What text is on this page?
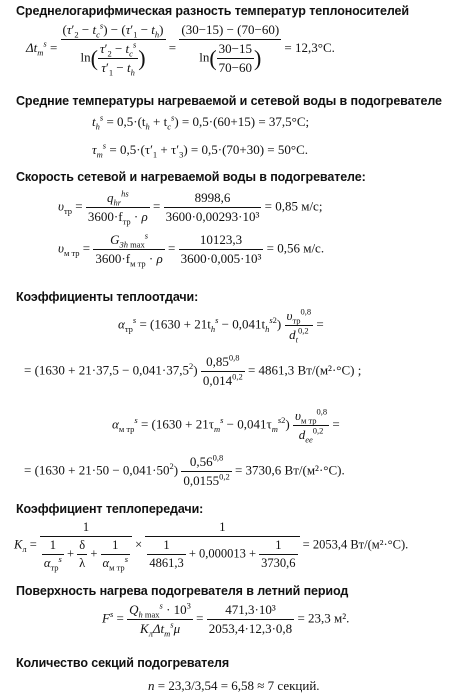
Среднелогарифмическая разность температур теплоносителей
$\Delta t_m^s = \frac{(\tau'_2 - t_c^s) - (\tau'_1 - t_h)}{\ln( \frac{\tau'_2 - t_c^s}{\tau'_1 - t_h} )} = \frac{(30-15) - (70-60)}{\ln( \frac{30-15}{70-60} )} = 12,3^\circ С$.
Средние температуры нагреваемой и сетевой воды в подогревателе
$t_h^s = 0,5\cdot(t_h + t_c^s) = 0,5\cdot(60+15) = 37,5^\circ С$;
$\tau_m^s = 0,5\cdot(\tau'_1 + \tau'_3) = 0,5\cdot(70+30) = 50^\circ С$.
Скорость сетевой и нагреваемой воды в подогревателе:
$\upsilon_{тр} = \frac{q_{hr}^{hs}}{3600\cdot f_{тр} \cdot \rho} = \frac{8998,6}{\text{3600·0,00293·10³}} = 0,85$ м/с;
$\upsilon_{м тр} = \frac{G_{3h max}^s}{3600\cdot f_{м тр} \cdot \rho} = \frac{10123,3}{\text{3600·0,005·10³}} = 0,56$ м/с.
Коэффициенты теплоотдачи:
$\alpha_{тр}^s = (1630 + 21t_h^s - 0,041t_h^{s2}) \frac{\upsilon_{тр}^{0,8}}{d_t^{0,2}}$ =
= $(1630 + 21\cdot 37,5 - 0,041\cdot 37,5^2) \frac{0,85^{0,8}}{0,014^{0,2}} = 4861,3$ Вт/(м²·°С) ;
$\alpha_{м тр}^s = (1630 + 21\tau_m^s - 0,041\tau_m^{s2}) \frac{\upsilon_{м тр}^{0,8}}{d_{ee}^{0,2}}$ =
= $(1630 + 21\cdot 50 - 0,041\cdot 50^2) \frac{0,56^{0,8}}{0,0155^{0,2}} = 3730,6$ Вт/(м²·°С).
Коэффициент теплопередачи:
$K_л = \frac{1}{\frac{1}{\alpha_{тр}^s} + \frac{\delta}{\lambda} + \frac{1}{\alpha_{м тр}^s}} \times \frac{1}{\frac{1}{4861,3} + 0,000013 + \frac{1}{3730,6}} = 2053,4$ Вт/(м²·°С).
Поверхность нагрева подогревателя в летний период
$F^s = \frac{Q_{h max}^s \cdot 10^3}{K_л\Delta t_m^s\mu} = \frac{\text{471,3·10³}}{2053,4\cdot 12,3\cdot 0,8} = 23,3$ м².
Количество секций подогревателя
n = 23,3/3,54 = 6,58 ≈ 7 секций.
